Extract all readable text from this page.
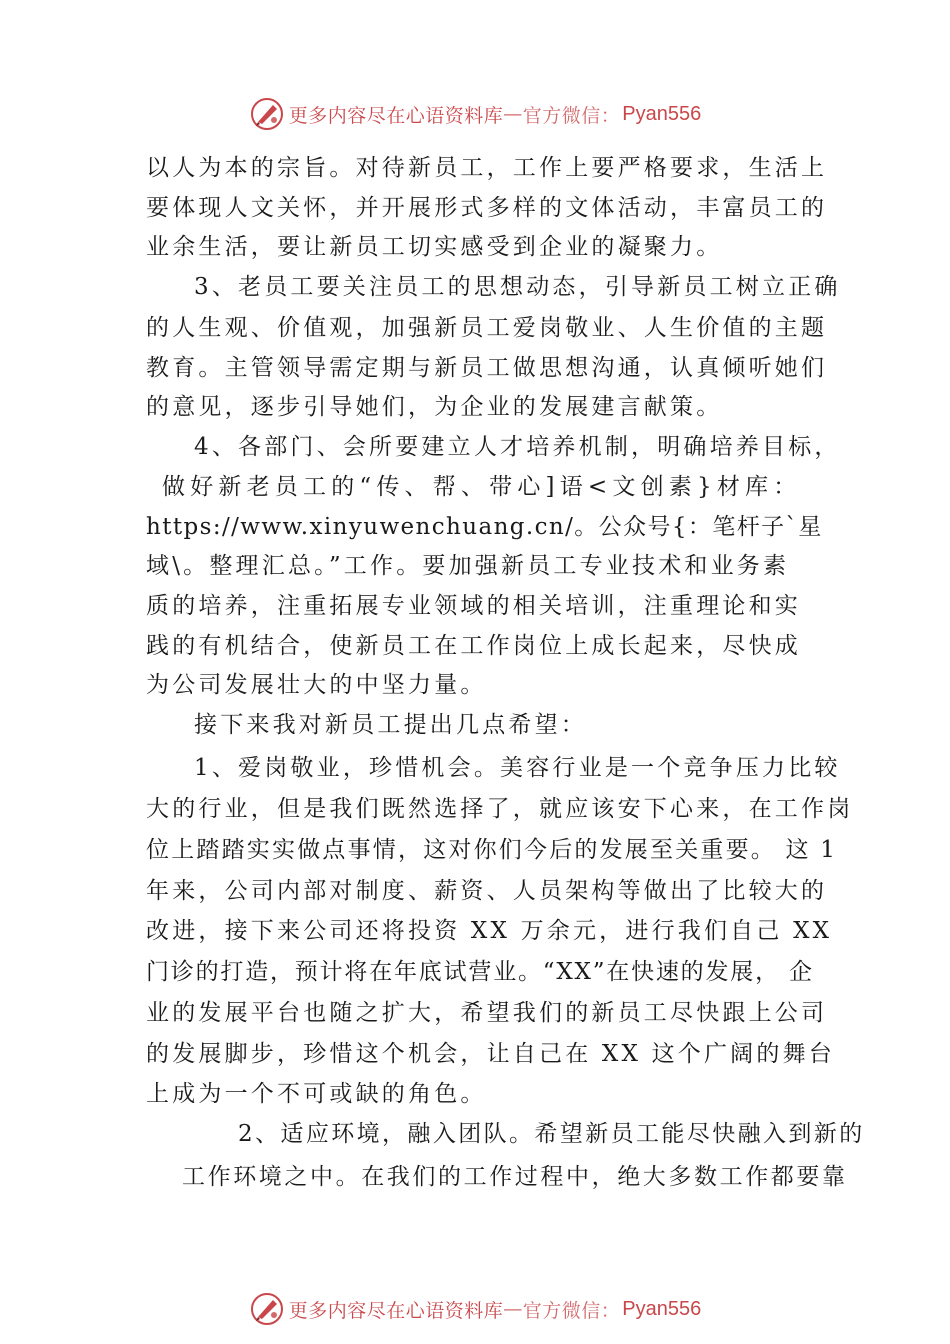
更多内容尽在心语资料库 — 官方微信： Pyan556
以人为本的宗旨。对待新员工，工作上要严格要求，生活上
要体现人文关怀，并开展形式多样的文体活动，丰富员工的
业余生活，要让新员工切实感受到企业的凝聚力。
3、老员工要关注员工的思想动态，引导新员工树立正确
的人生观、价值观，加强新员工爱岗敬业、人生价值的主题
教育。主管领导需定期与新员工做思想沟通，认真倾听她们
的意见，逐步引导她们，为企业的发展建言献策。
4、各部门、会所要建立人才培养机制，明确培养目标，
做好新老员工的“传、帮、带心]语<文创素}材库：
https://www.xinyuwenchuang.cn/。公众号{：笔杆子`星
域\。整理汇总。”工作。要加强新员工专业技术和业务素
质的培养，注重拓展专业领域的相关培训，注重理论和实
践的有机结合，使新员工在工作岗位上成长起来，尽快成
为公司发展壮大的中坚力量。
接下来我对新员工提出几点希望：
1、爱岗敬业，珍惜机会。美容行业是一个竞争压力比较
大的行业，但是我们既然选择了，就应该安下心来，在工作岗
位上踏踏实实做点事情，这对你们今后的发展至关重要。 这 1
年来，公司内部对制度、薪资、人员架构等做出了比较大的
改进，接下来公司还将投资 XX 万余元，进行我们自己 XX
门诊的打造，预计将在年底试营业。“XX”在快速的发展， 企
业的发展平台也随之扩大，希望我们的新员工尽快跟上公司
的发展脚步，珍惜这个机会，让自己在 XX 这个广阔的舞台
上成为一个不可或缺的角色。
2、适应环境，融入团队。希望新员工能尽快融入到新的
工作环境之中。在我们的工作过程中，绝大多数工作都要靠
更多内容尽在心语资料库 — 官方微信： Pyan556
